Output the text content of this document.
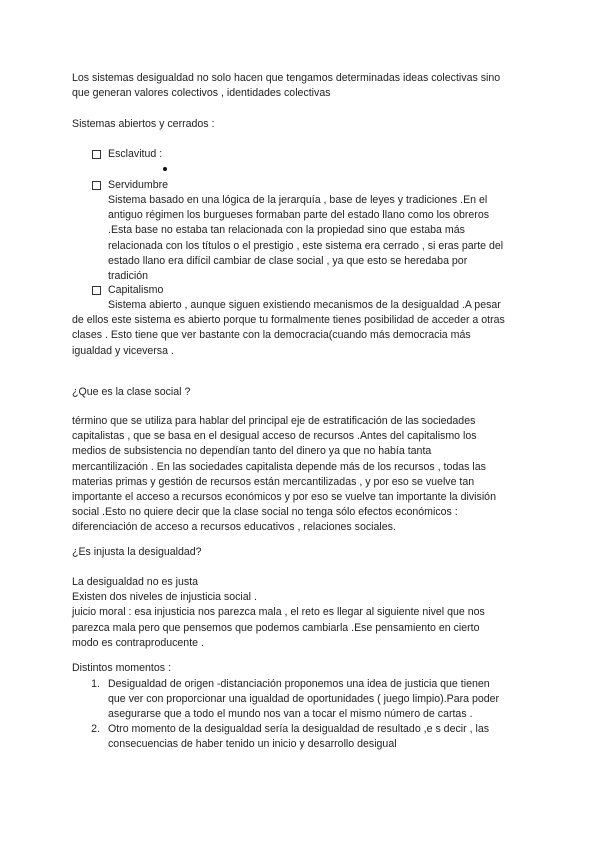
Los sistemas desigualdad no solo hacen que tengamos determinadas ideas colectivas sino
que generan valores colectivos , identidades colectivas
Sistemas abiertos y cerrados :
Esclavitud :
Servidumbre
Sistema basado en una lógica de la jerarquía , base de leyes y tradiciones .En el
antiguo régimen los burgueses formaban parte del estado llano como los obreros
.Esta base no estaba tan relacionada con la propiedad sino que estaba más
relacionada con los títulos o el prestigio , este sistema era cerrado , si eras parte del
estado llano era difícil cambiar de clase social , ya que esto se heredaba por
tradición
Capitalismo
Sistema abierto , aunque siguen existiendo mecanismos de la desigualdad .A pesar
de ellos este sistema es abierto porque tu formalmente tienes posibilidad de acceder a otras
clases . Esto tiene que ver bastante con la democracia(cuando más democracia más
igualdad y viceversa .
¿Que es la clase social ?
término que se utiliza para hablar del principal eje de estratificación de las sociedades
capitalistas , que se basa en el desigual acceso de recursos .Antes del capitalismo los
medios de subsistencia no dependían tanto del dinero ya que no había tanta
mercantilización . En las sociedades capitalista depende más de los recursos , todas las
materias primas y gestión de recursos están mercantilizadas , y por eso se vuelve tan
importante el acceso a recursos económicos y por eso se vuelve tan importante la división
social .Esto no quiere decir que la clase social no tenga sólo efectos económicos :
diferenciación de acceso a recursos educativos , relaciones sociales.
¿Es injusta la desigualdad?
La desigualdad no es justa
Existen dos niveles de injusticia social .
juicio moral : esa injusticia nos parezca mala , el reto es llegar al siguiente nivel que nos
parezca mala pero que pensemos que podemos cambiarla .Ese pensamiento en cierto
modo es contraproducente .
Distintos momentos :
1. Desigualdad de origen -distanciación proponemos una idea de justicia que tienen
que ver con proporcionar una igualdad de oportunidades ( juego limpio).Para poder
asegurarse que a todo el mundo nos van a tocar el mismo número de cartas .
2. Otro momento de la desigualdad sería la desigualdad de resultado ,e s decir , las
consecuencias de haber tenido un inicio y desarrollo desigual
